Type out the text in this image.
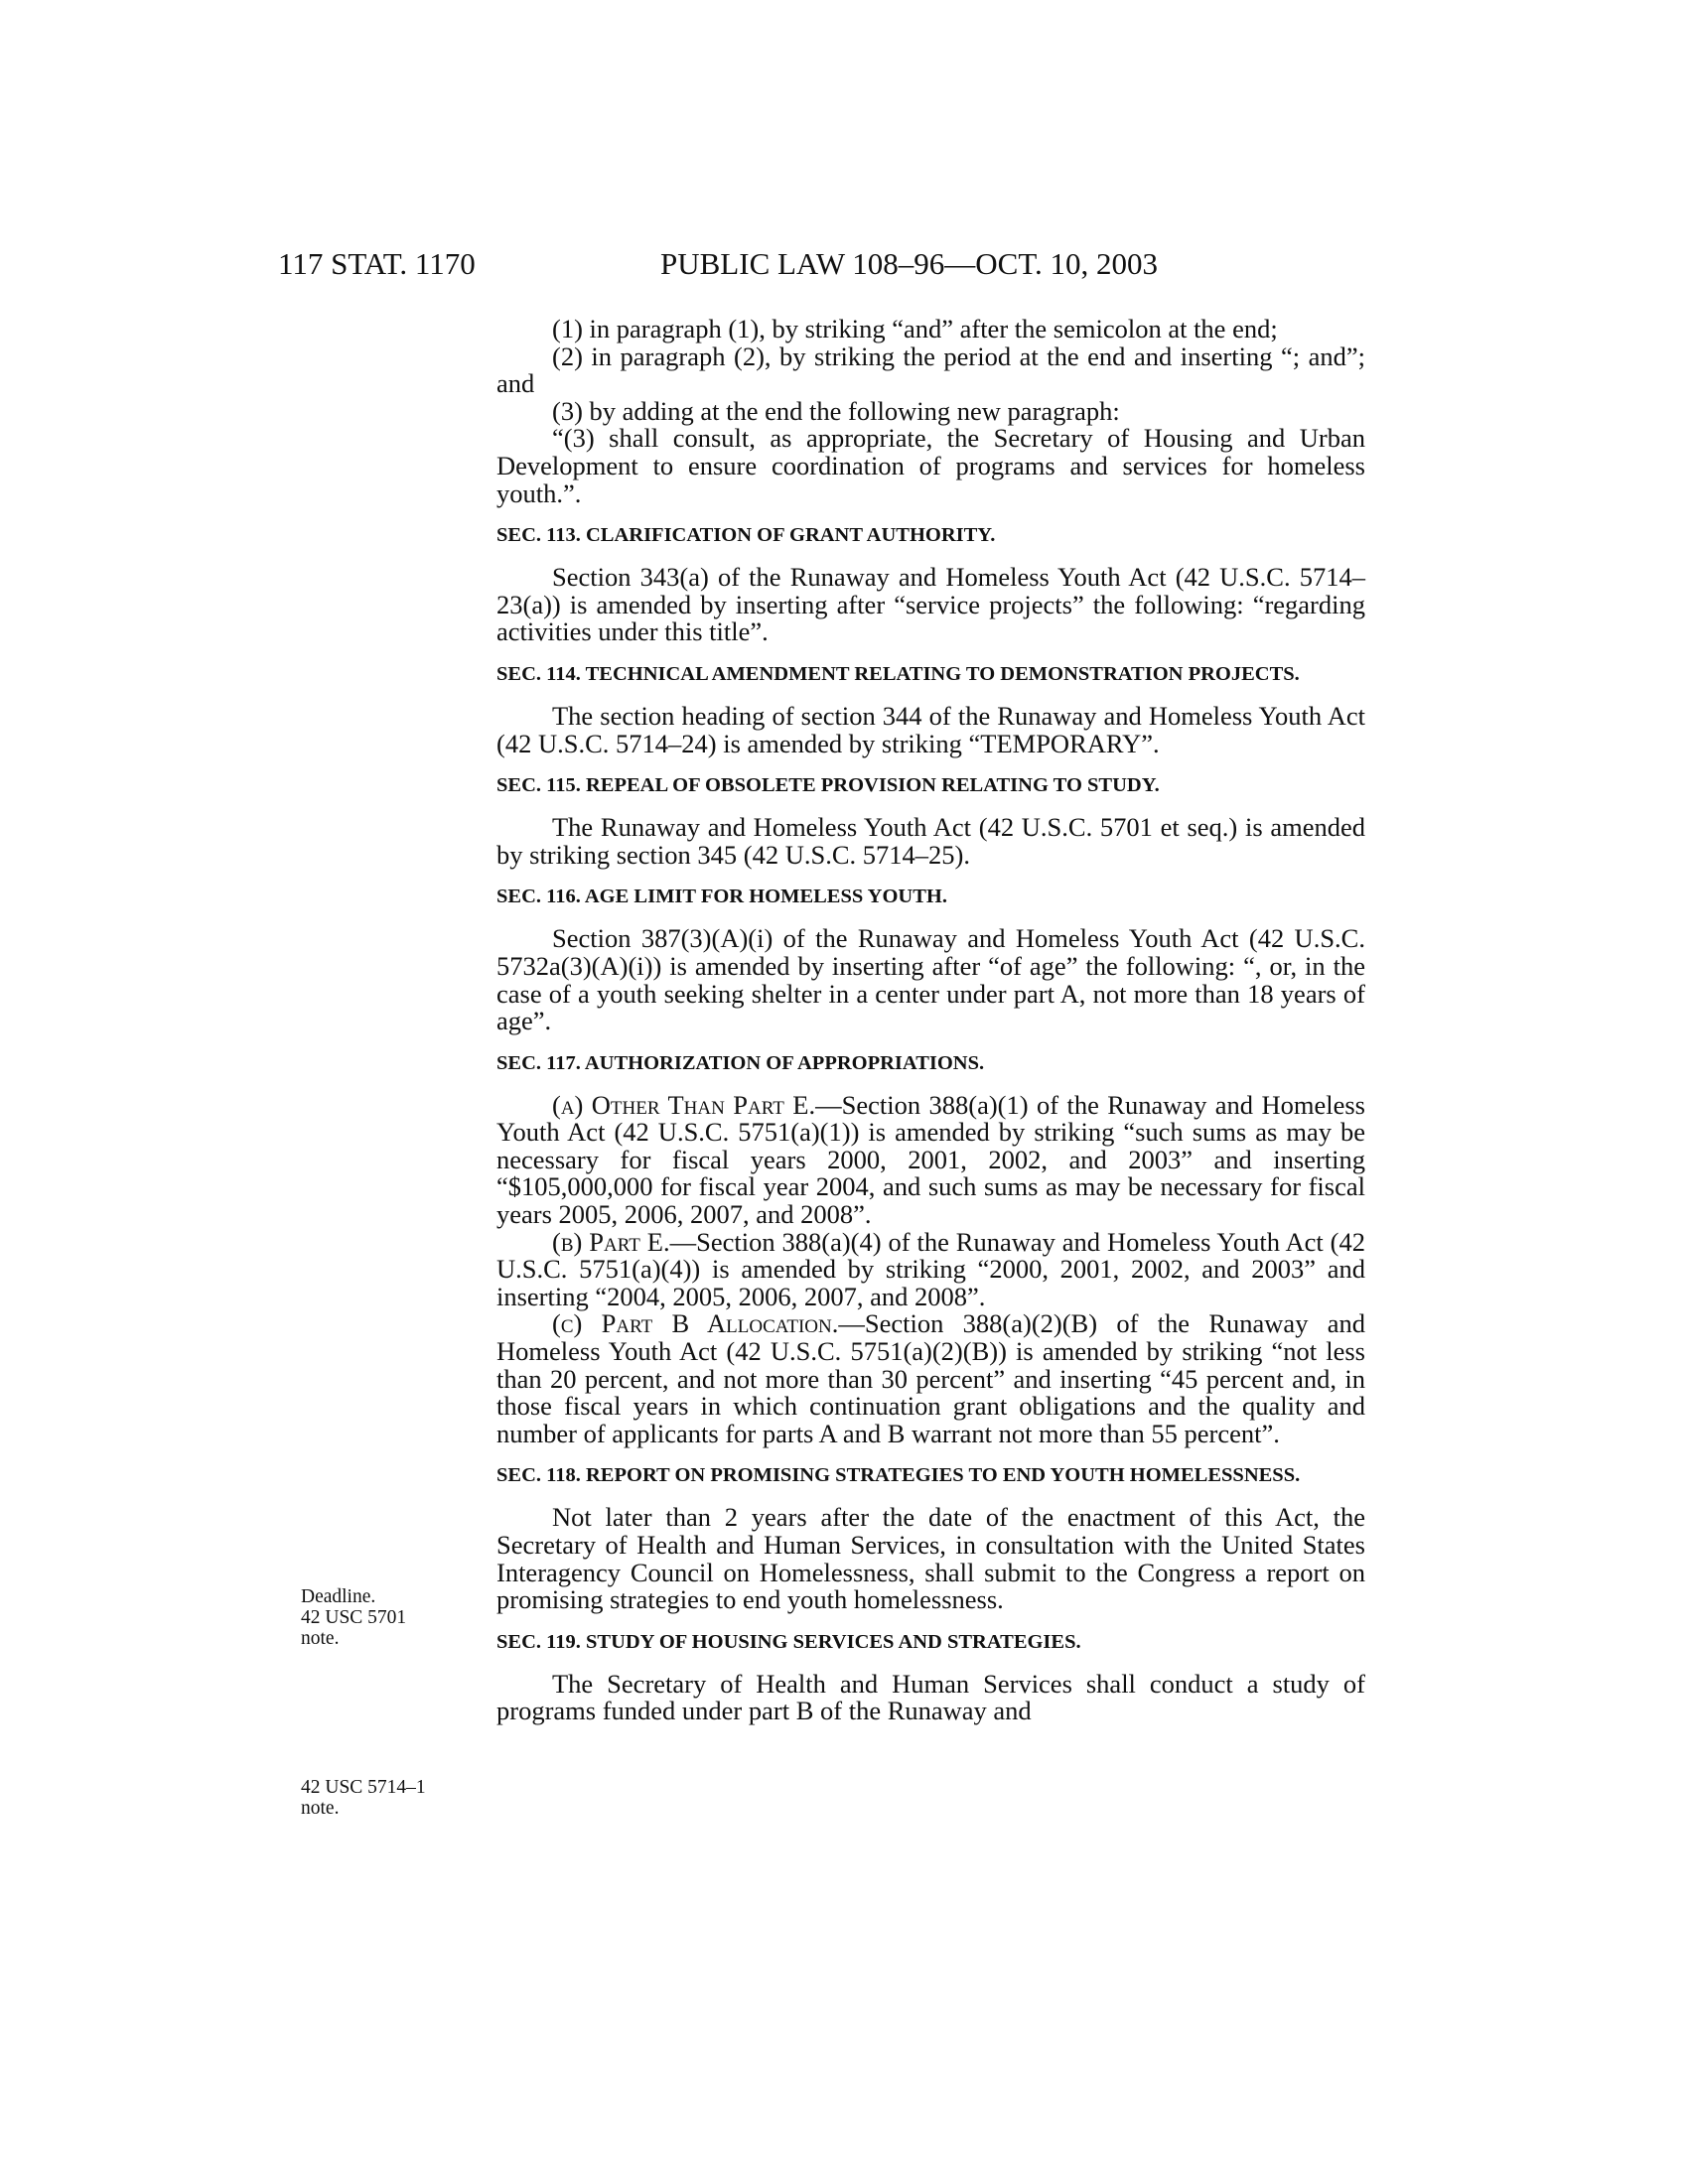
117 STAT. 1170	PUBLIC LAW 108–96—OCT. 10, 2003
Deadline.
42 USC 5701
note.
42 USC 5714–1
note.

(1) in paragraph (1), by striking “and” after the semicolon at the end;

(2) in paragraph (2), by striking the period at the end and inserting “; and”; and

(3) by adding at the end the following new paragraph:

“(3) shall consult, as appropriate, the Secretary of Housing and Urban Development to ensure coordination of programs and services for homeless youth.”.

SEC. 113. CLARIFICATION OF GRANT AUTHORITY.

Section 343(a) of the Runaway and Homeless Youth Act (42 U.S.C. 5714–23(a)) is amended by inserting after “service projects” the following: “regarding activities under this title”.

SEC. 114. TECHNICAL AMENDMENT RELATING TO DEMONSTRATION PROJECTS.

The section heading of section 344 of the Runaway and Homeless Youth Act (42 U.S.C. 5714–24) is amended by striking “TEMPORARY”.

SEC. 115. REPEAL OF OBSOLETE PROVISION RELATING TO STUDY.

The Runaway and Homeless Youth Act (42 U.S.C. 5701 et seq.) is amended by striking section 345 (42 U.S.C. 5714–25).

SEC. 116. AGE LIMIT FOR HOMELESS YOUTH.

Section 387(3)(A)(i) of the Runaway and Homeless Youth Act (42 U.S.C. 5732a(3)(A)(i)) is amended by inserting after “of age” the following: “, or, in the case of a youth seeking shelter in a center under part A, not more than 18 years of age”.

SEC. 117. AUTHORIZATION OF APPROPRIATIONS.

(a) Other Than Part E.—Section 388(a)(1) of the Runaway and Homeless Youth Act (42 U.S.C. 5751(a)(1)) is amended by striking “such sums as may be necessary for fiscal years 2000, 2001, 2002, and 2003” and inserting “$105,000,000 for fiscal year 2004, and such sums as may be necessary for fiscal years 2005, 2006, 2007, and 2008”.

(b) Part E.—Section 388(a)(4) of the Runaway and Homeless Youth Act (42 U.S.C. 5751(a)(4)) is amended by striking “2000, 2001, 2002, and 2003” and inserting “2004, 2005, 2006, 2007, and 2008”.

(c) Part B Allocation.—Section 388(a)(2)(B) of the Runaway and Homeless Youth Act (42 U.S.C. 5751(a)(2)(B)) is amended by striking “not less than 20 percent, and not more than 30 percent” and inserting “45 percent and, in those fiscal years in which continuation grant obligations and the quality and number of applicants for parts A and B warrant not more than 55 percent”.

SEC. 118. REPORT ON PROMISING STRATEGIES TO END YOUTH HOMELESSNESS.

Not later than 2 years after the date of the enactment of this Act, the Secretary of Health and Human Services, in consultation with the United States Interagency Council on Homelessness, shall submit to the Congress a report on promising strategies to end youth homelessness.

SEC. 119. STUDY OF HOUSING SERVICES AND STRATEGIES.

The Secretary of Health and Human Services shall conduct a study of programs funded under part B of the Runaway and
